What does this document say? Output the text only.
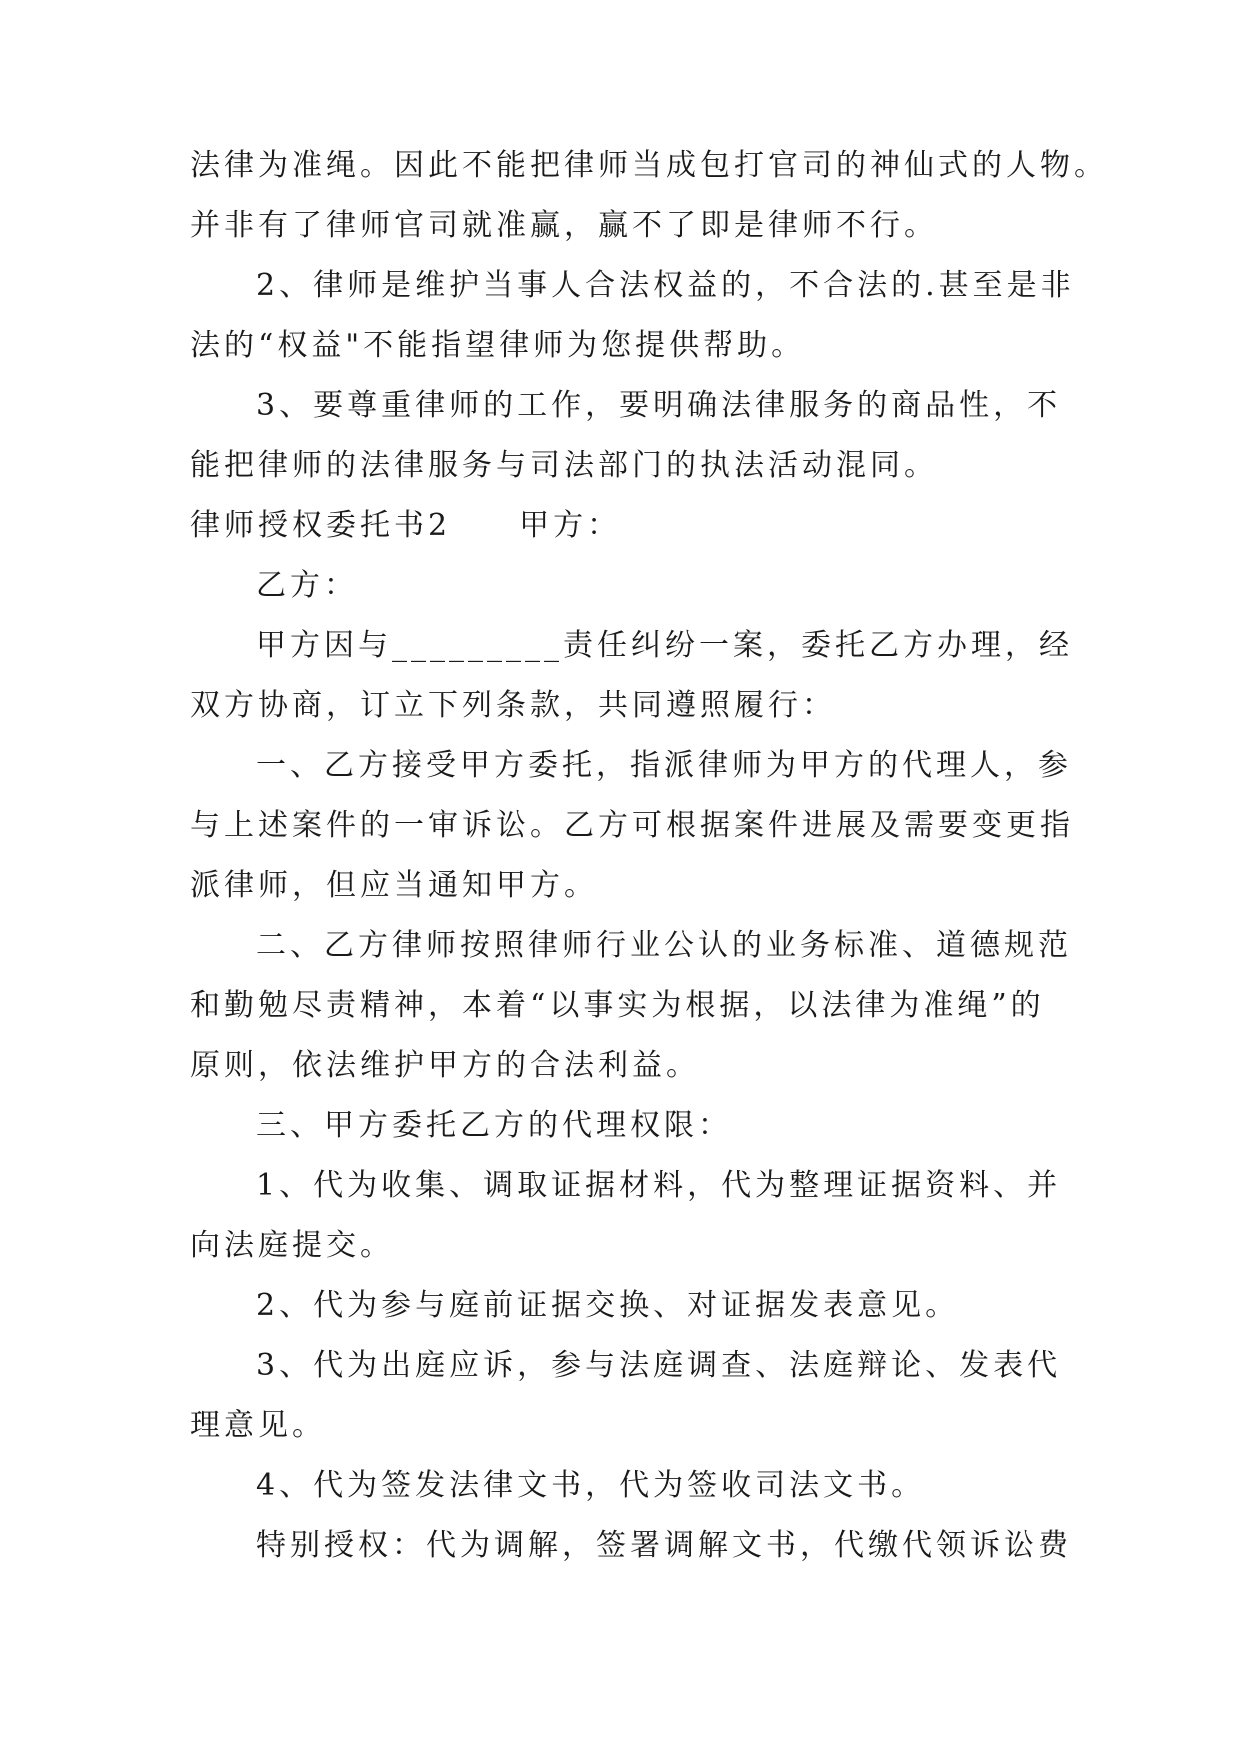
法律为准绳。因此不能把律师当成包打官司的神仙式的人物。
并非有了律师官司就准赢，赢不了即是律师不行。
2、律师是维护当事人合法权益的，不合法的.甚至是非
法的“权益"不能指望律师为您提供帮助。
3、要尊重律师的工作，要明确法律服务的商品性，不
能把律师的法律服务与司法部门的执法活动混同。
律师授权委托书2　　甲方：
乙方：
甲方因与_________责任纠纷一案，委托乙方办理，经
双方协商，订立下列条款，共同遵照履行：
一、乙方接受甲方委托，指派律师为甲方的代理人，参
与上述案件的一审诉讼。乙方可根据案件进展及需要变更指
派律师，但应当通知甲方。
二、乙方律师按照律师行业公认的业务标准、道德规范
和勤勉尽责精神，本着“以事实为根据，以法律为准绳”的
原则，依法维护甲方的合法利益。
三、甲方委托乙方的代理权限：
1、代为收集、调取证据材料，代为整理证据资料、并
向法庭提交。
2、代为参与庭前证据交换、对证据发表意见。
3、代为出庭应诉，参与法庭调查、法庭辩论、发表代
理意见。
4、代为签发法律文书，代为签收司法文书。
特别授权：代为调解，签署调解文书，代缴代领诉讼费
